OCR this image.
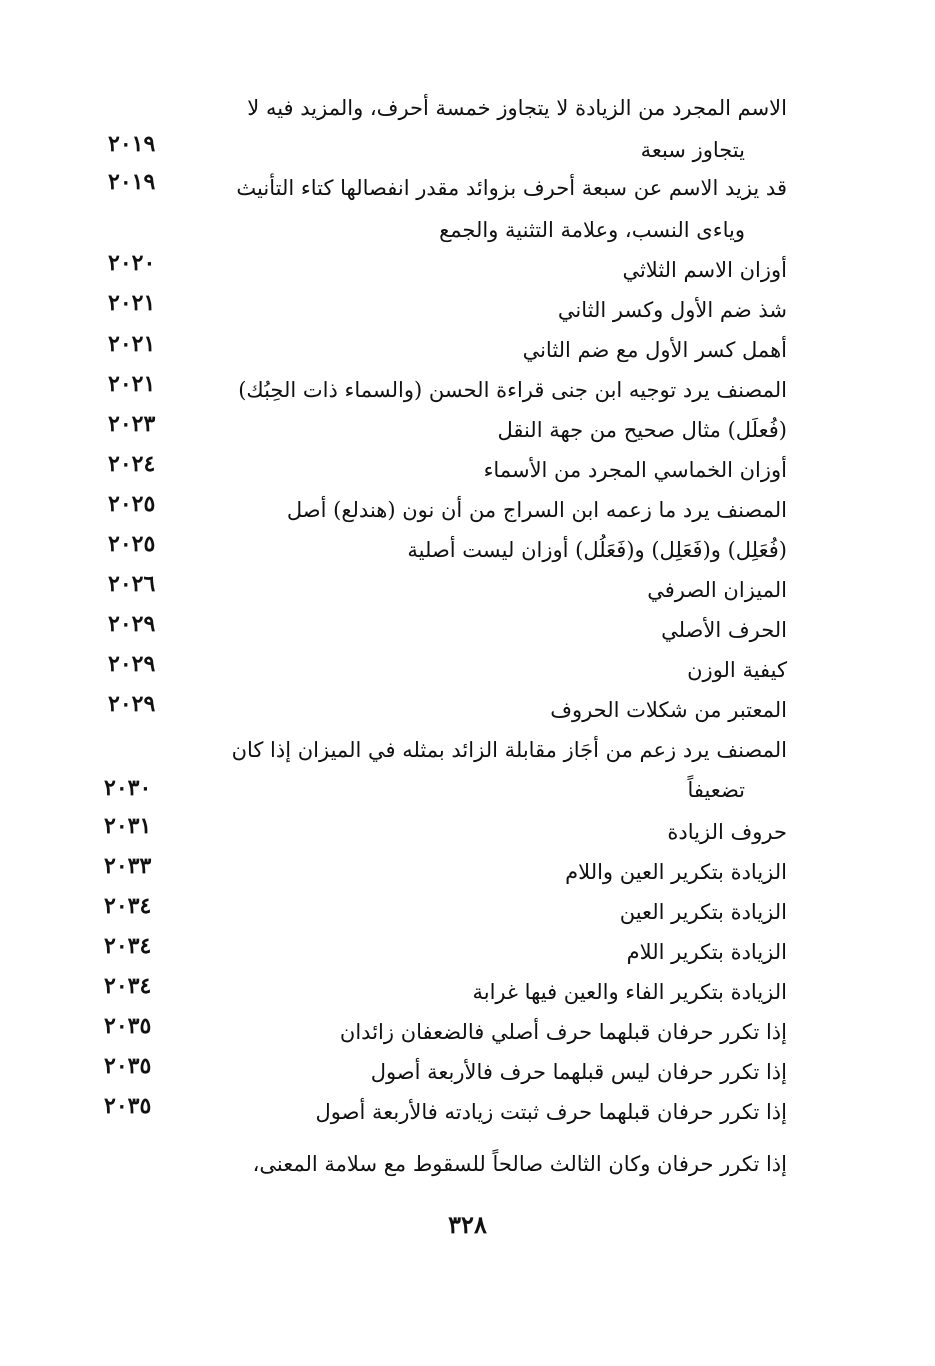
الاسم المجرد من الزيادة لا يتجاوز خمسة أحرف، والمزيد فيه لا
يتجاوز سبعة
٢٠١٩
قد يزيد الاسم عن سبعة أحرف بزوائد مقدر انفصالها كتاء التأنيث
وياءى النسب، وعلامة التثنية والجمع
٢٠١٩
أوزان الاسم الثلاثي
٢٠٢٠
شذ ضم الأول وكسر الثاني
٢٠٢١
أهمل كسر الأول مع ضم الثاني
٢٠٢١
المصنف يرد توجيه ابن جنى قراءة الحسن (والسماء ذات الحِبُك)
٢٠٢١
(فُعلَل) مثال صحيح من جهة النقل
٢٠٢٣
أوزان الخماسي المجرد من الأسماء
٢٠٢٤
المصنف يرد ما زعمه ابن السراج من أن نون (هندلع) أصل
٢٠٢٥
(فُعَلِل) و(فَعَلِل) و(فَعَلُل) أوزان ليست أصلية
٢٠٢٥
الميزان الصرفي
٢٠٢٦
الحرف الأصلي
٢٠٢٩
كيفية الوزن
٢٠٢٩
المعتبر من شكلات الحروف
٢٠٢٩
المصنف يرد زعم من أجَاز مقابلة الزائد بمثله في الميزان إذا كان
تضعيفاً
٢٠٣٠
حروف الزيادة
٢٠٣١
الزيادة بتكرير العين واللام
٢٠٣٣
الزيادة بتكرير العين
٢٠٣٤
الزيادة بتكرير اللام
٢٠٣٤
الزيادة بتكرير الفاء والعين فيها غرابة
٢٠٣٤
إذا تكرر حرفان قبلهما حرف أصلي فالضعفان زائدان
٢٠٣٥
إذا تكرر حرفان ليس قبلهما حرف فالأربعة أصول
٢٠٣٥
إذا تكرر حرفان قبلهما حرف ثبتت زيادته فالأربعة أصول
٢٠٣٥
إذا تكرر حرفان وكان الثالث صالحاً للسقوط مع سلامة المعنى،
٣٢٨
